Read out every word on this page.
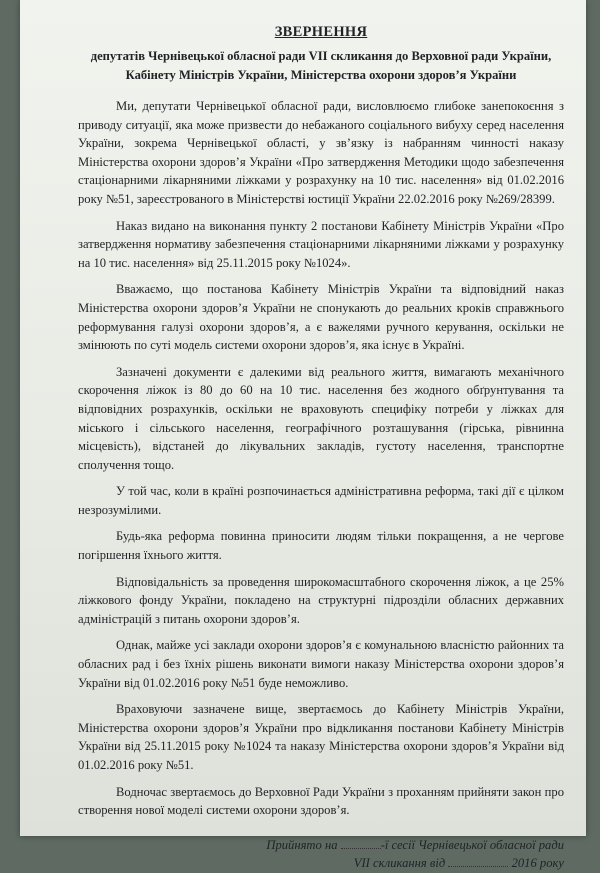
ЗВЕРНЕННЯ
депутатів Чернівецької обласної ради VII скликання до Верховної ради України, Кабінету Міністрів України, Міністерства охорони здоров’я України

Ми, депутати Чернівецької обласної ради, висловлюємо глибоке занепокоєння з приводу ситуації, яка може призвести до небажаного соціального вибуху серед населення України, зокрема Чернівецької області, у зв’язку із набранням чинності наказу Міністерства охорони здоров’я України «Про затвердження Методики щодо забезпечення стаціонарними лікарняними ліжками у розрахунку на 10 тис. населення» від 01.02.2016 року №51, зареєстрованого в Міністерстві юстиції України 22.02.2016 року №269/28399.

Наказ видано на виконання пункту 2 постанови Кабінету Міністрів України «Про затвердження нормативу забезпечення стаціонарними лікарняними ліжками у розрахунку на 10 тис. населення» від 25.11.2015 року №1024».

Вважаємо, що постанова Кабінету Міністрів України та відповідний наказ Міністерства охорони здоров’я України не спонукають до реальних кроків справжнього реформування галузі охорони здоров’я, а є важелями ручного керування, оскільки не змінюють по суті модель системи охорони здоров’я, яка існує в Україні.

Зазначені документи є далекими від реального життя, вимагають механічного скорочення ліжок із 80 до 60 на 10 тис. населення без жодного обґрунтування та відповідних розрахунків, оскільки не враховують специфіку потреби у ліжках для міського і сільського населення, географічного розташування (гірська, рівнинна місцевість), відстаней до лікувальних закладів, густоту населення, транспортне сполучення тощо.

У той час, коли в країні розпочинається адміністративна реформа, такі дії є цілком незрозумілими.

Будь-яка реформа повинна приносити людям тільки покращення, а не чергове погіршення їхнього життя.

Відповідальність за проведення широкомасштабного скорочення ліжок, а це 25% ліжкового фонду України, покладено на структурні підрозділи обласних державних адміністрацій з питань охорони здоров’я.

Однак, майже усі заклади охорони здоров’я є комунальною власністю районних та обласних рад і без їхніх рішень виконати вимоги наказу Міністерства охорони здоров’я України від 01.02.2016 року №51 буде неможливо.

Враховуючи зазначене вище, звертаємось до Кабінету Міністрів України, Міністерства охорони здоров’я України про відкликання постанови Кабінету Міністрів України від 25.11.2015 року №1024 та наказу Міністерства охорони здоров’я України від 01.02.2016 року №51.

Водночас звертаємось до Верховної Ради України з проханням прийняти закон про створення нової моделі системи охорони здоров’я.

Прийнято на	-ї сесії Чернівецької обласної ради
VII скликання від	2016 року
